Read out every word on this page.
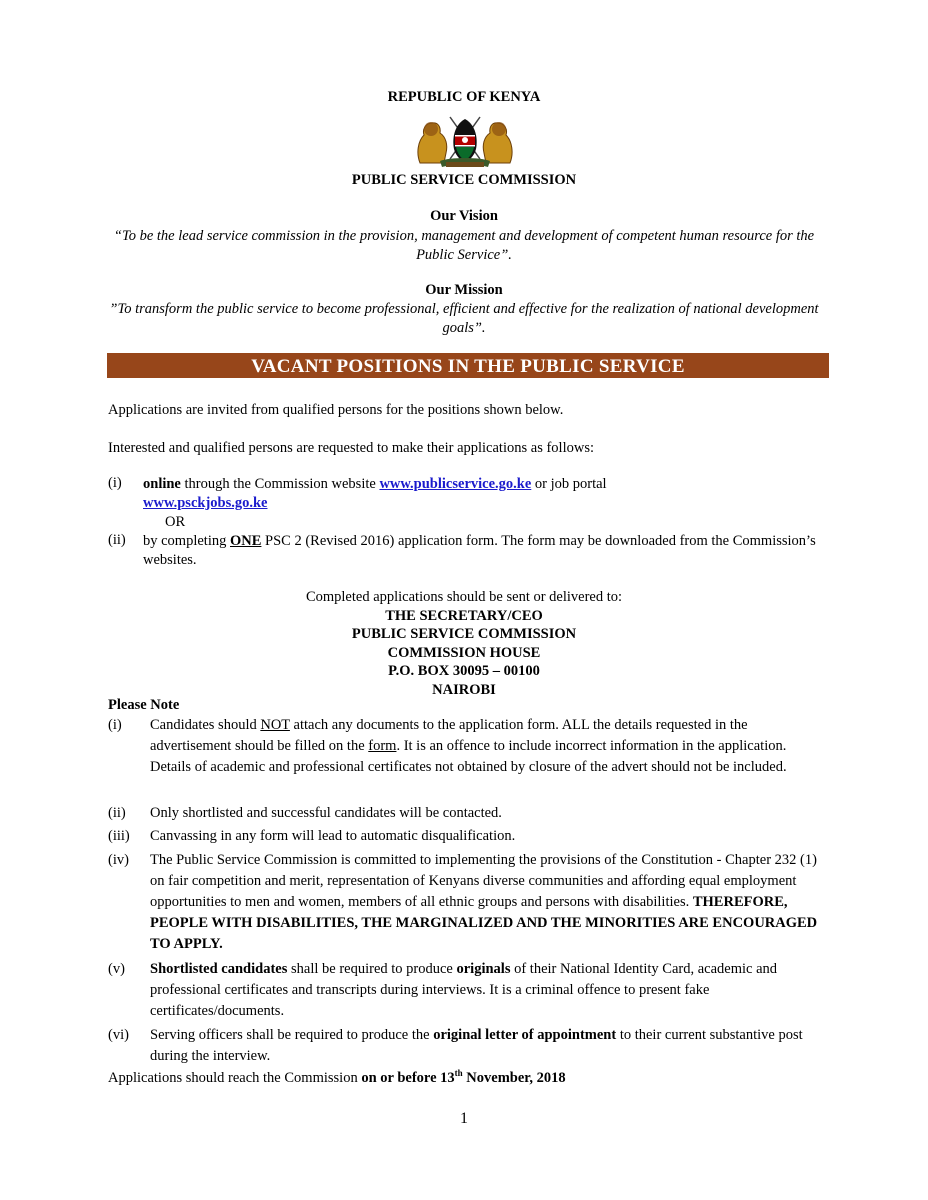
REPUBLIC OF KENYA
PUBLIC SERVICE COMMISSION
Our Vision
“To be the lead service commission in the provision, management and development of competent human resource for the Public Service”.
Our Mission
”To transform the public service to become professional, efficient and effective for the realization of national development goals”.
VACANT POSITIONS IN THE PUBLIC SERVICE
Applications are invited from qualified persons for the positions shown below.
Interested and qualified persons are requested to make their applications as follows:
(i) online through the Commission website www.publicservice.go.ke or job portal
www.psckjobs.go.ke
OR
(ii) by completing ONE PSC 2 (Revised 2016) application form. The form may be downloaded from the Commission’s websites.
Completed applications should be sent or delivered to:
THE SECRETARY/CEO
PUBLIC SERVICE COMMISSION
COMMISSION HOUSE
P.O. BOX 30095 – 00100
NAIROBI
Please Note
(i) Candidates should NOT attach any documents to the application form. ALL the details requested in the advertisement should be filled on the form. It is an offence to include incorrect information in the application. Details of academic and professional certificates not obtained by closure of the advert should not be included.
(ii) Only shortlisted and successful candidates will be contacted.
(iii) Canvassing in any form will lead to automatic disqualification.
(iv) The Public Service Commission is committed to implementing the provisions of the Constitution - Chapter 232 (1) on fair competition and merit, representation of Kenyans diverse communities and affording equal employment opportunities to men and women, members of all ethnic groups and persons with disabilities. THEREFORE, PEOPLE WITH DISABILITIES, THE MARGINALIZED AND THE MINORITIES ARE ENCOURAGED TO APPLY.
(v) Shortlisted candidates shall be required to produce originals of their National Identity Card, academic and professional certificates and transcripts during interviews. It is a criminal offence to present fake certificates/documents.
(vi) Serving officers shall be required to produce the original letter of appointment to their current substantive post during the interview.
Applications should reach the Commission on or before 13th November, 2018
1
